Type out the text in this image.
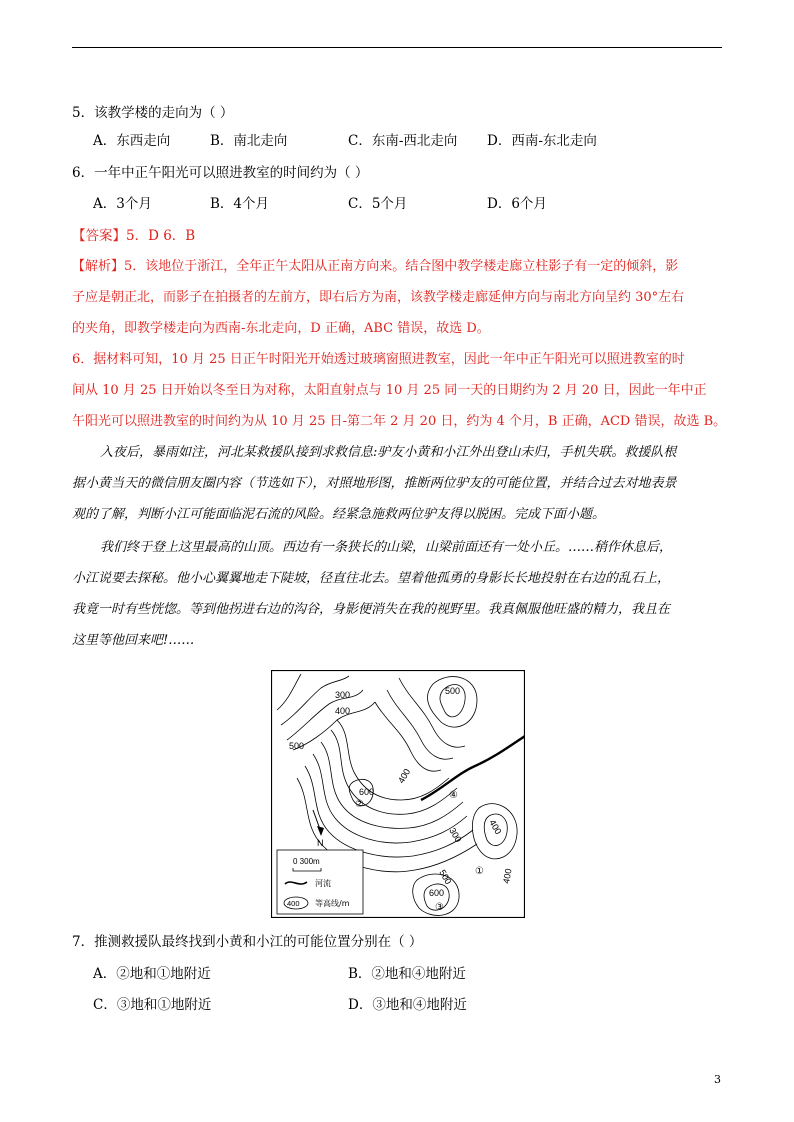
5．该教学楼的走向为（ ）
A．东西走向	B．南北走向	C．东南-西北走向 D．西南-东北走向
6．一年中正午阳光可以照进教室的时间约为（ ）
A．3个月	B．4个月	C．5个月	D．6个月
【答案】5．D 6．B
【解析】5．该地位于浙江，全年正午太阳从正南方向来。结合图中教学楼走廊立柱影子有一定的倾斜，影
子应是朝正北，而影子在拍摄者的左前方，即右后方为南，该教学楼走廊延伸方向与南北方向呈约 30°左右
的夹角，即教学楼走向为西南-东北走向，D 正确，ABC 错误，故选 D。
6．据材料可知，10 月 25 日正午时阳光开始透过玻璃窗照进教室，因此一年中正午阳光可以照进教室的时
间从 10 月 25 日开始以冬至日为对称，太阳直射点与 10 月 25 同一天的日期约为 2 月 20 日，因此一年中正
午阳光可以照进教室的时间约为从 10 月 25 日-第二年 2 月 20 日，约为 4 个月，B 正确，ACD 错误，故选 B。
入夜后，暴雨如注，河北某救援队接到求救信息:驴友小黄和小江外出登山未归，手机失联。救援队根
据小黄当天的微信朋友圈内容（节选如下），对照地形图，推断两位驴友的可能位置，并结合过去对地表景
观的了解，判断小江可能面临泥石流的风险。经紧急施救两位驴友得以脱困。完成下面小题。
我们终于登上这里最高的山顶。西边有一条狭长的山梁，山梁前面还有一处小丘。……稍作休息后，
小江说要去探秘。他小心翼翼地走下陡坡，径直往北去。望着他孤勇的身影长长地投射在右边的乱石上，
我竟一时有些恍惚。等到他拐进右边的沟谷，身影便消失在我的视野里。我真佩服他旺盛的精力，我且在
这里等他回来吧!……
300
400
500
600
500
400
400
300
500	400
600
①
②
③
④
N
0 300m
河流
400 等高线/m
7．推测救援队最终找到小黄和小江的可能位置分别在（ ）
A．②地和①地附近	B．②地和④地附近
C．③地和①地附近	D．③地和④地附近
3
